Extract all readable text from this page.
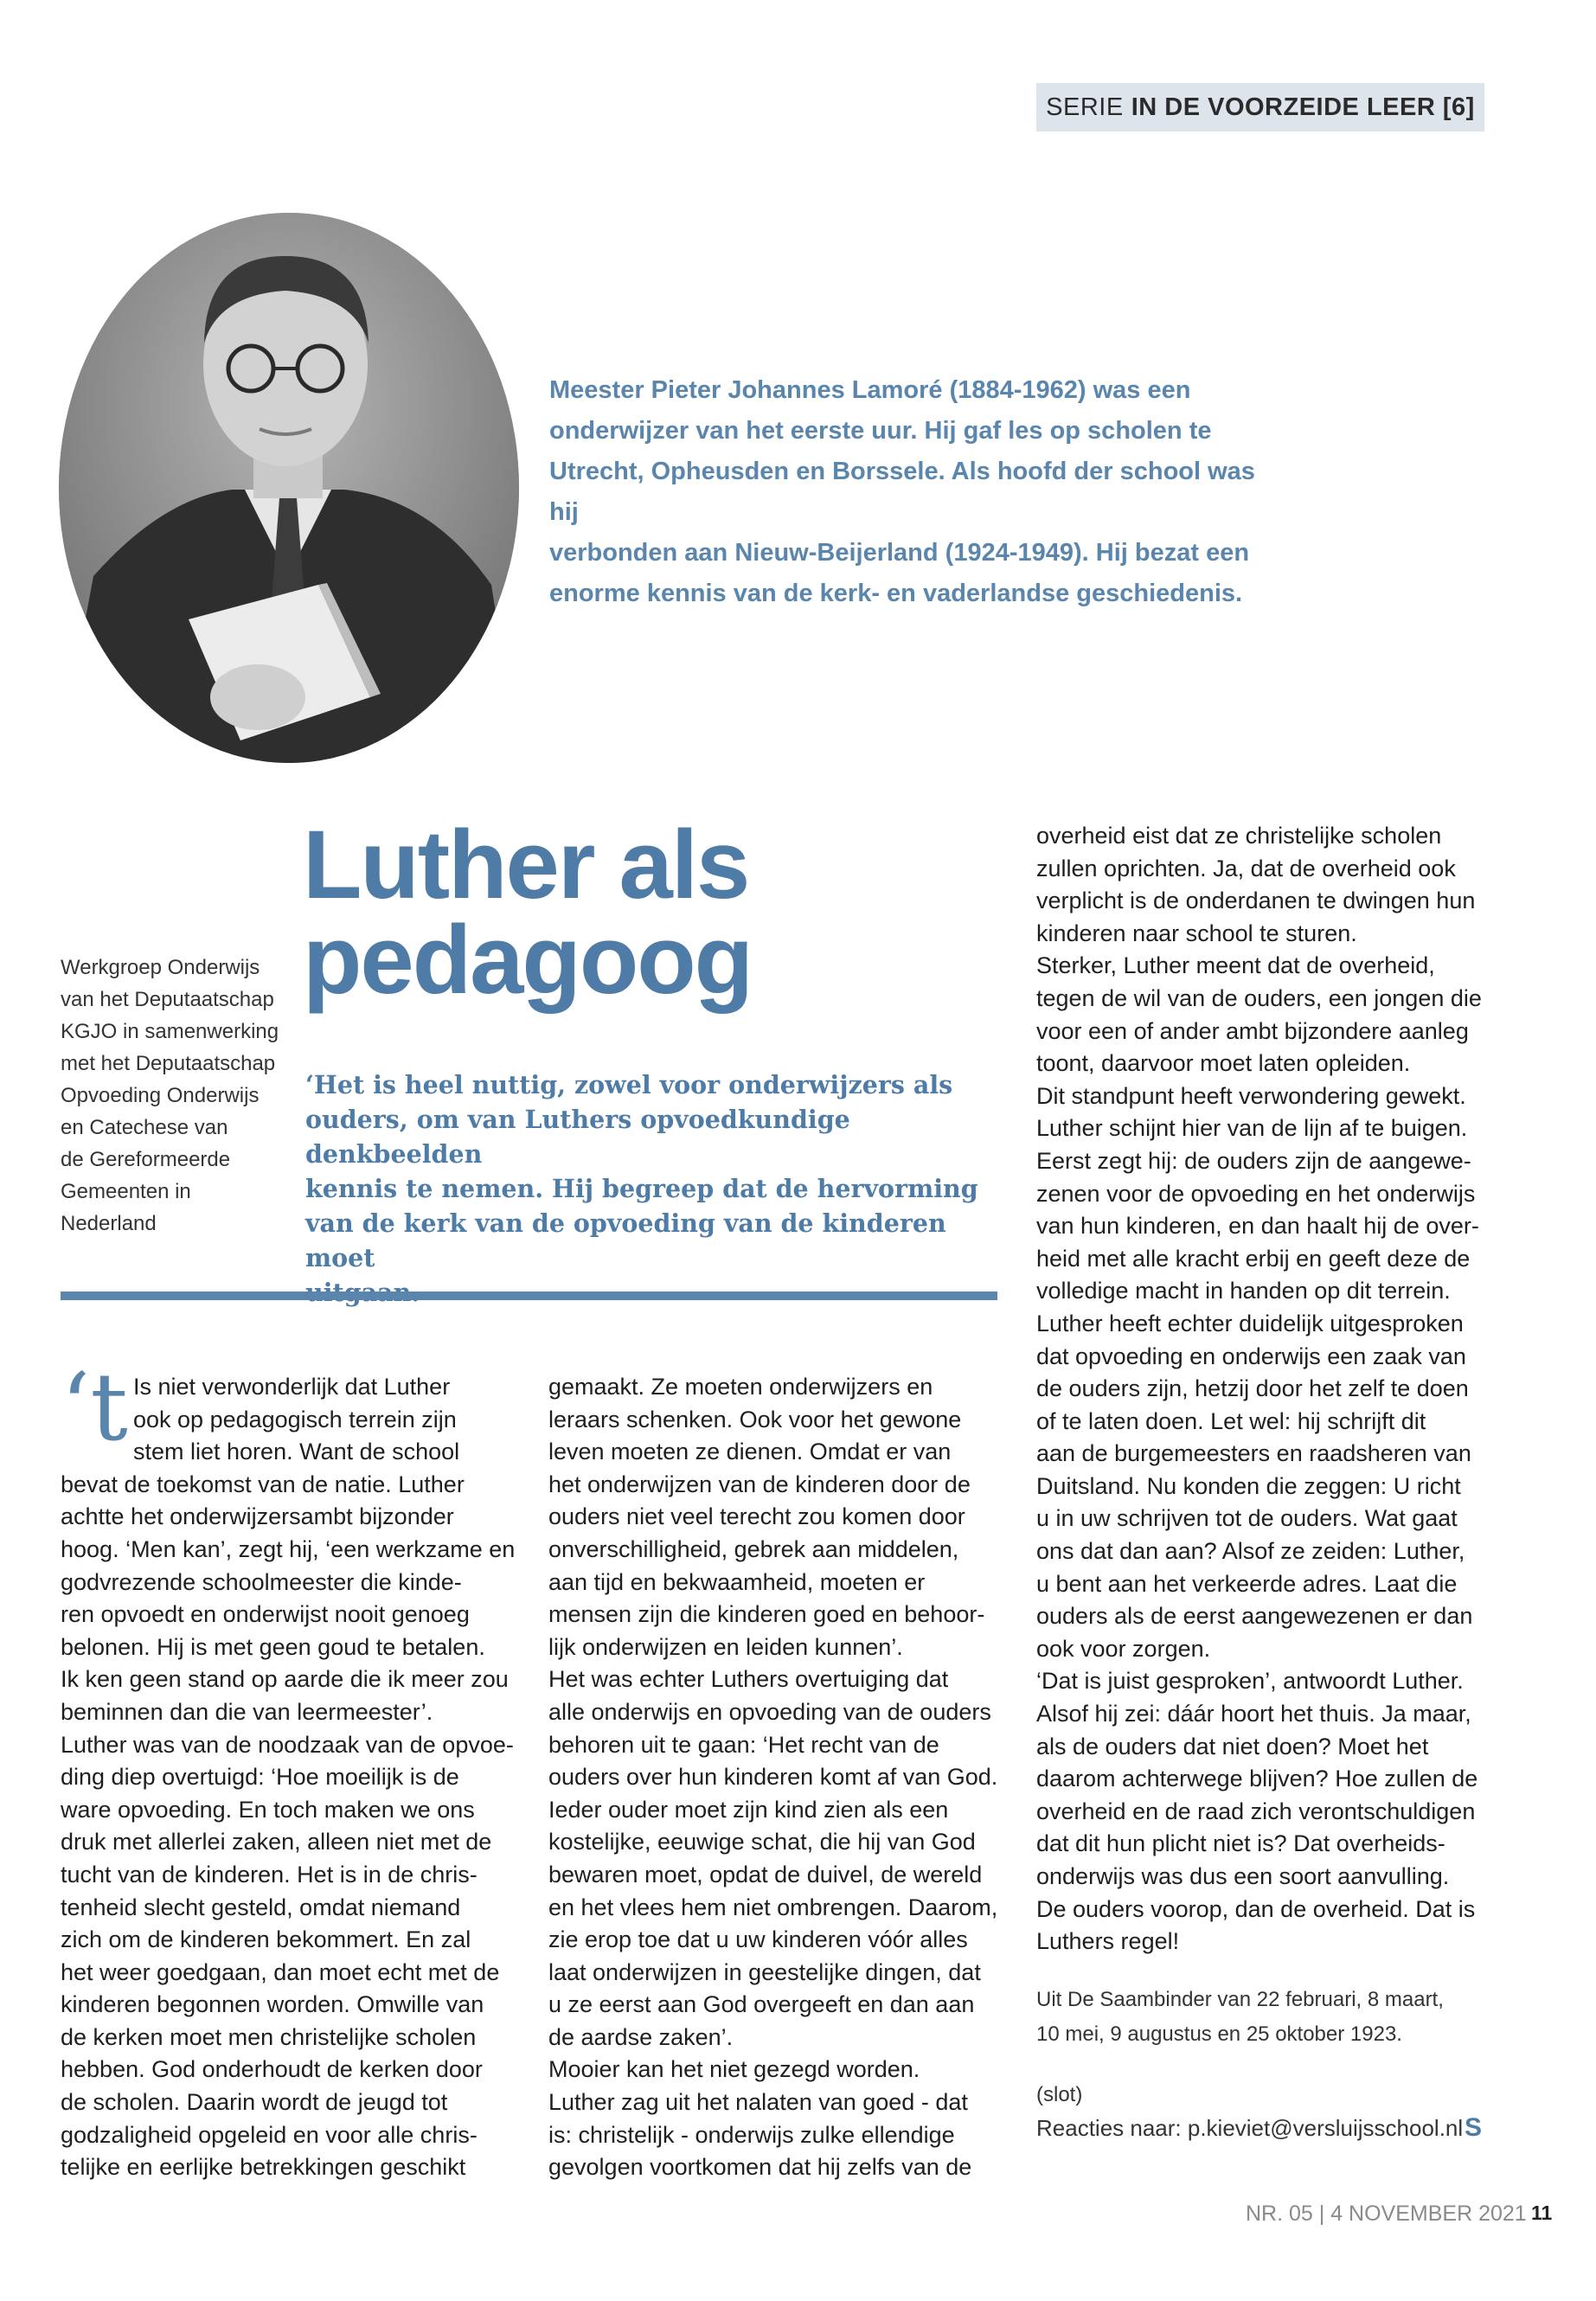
SERIE IN DE VOORZEIDE LEER [6]
Meester Pieter Johannes Lamoré (1884-1962) was een
onderwijzer van het eerste uur. Hij gaf les op scholen te
Utrecht, Opheusden en Borssele. Als hoofd der school was hij
verbonden aan Nieuw-Beijerland (1924-1949). Hij bezat een
enorme kennis van de kerk- en vaderlandse geschiedenis.
Werkgroep Onderwijs
van het Deputaatschap
KGJO in samenwerking
met het Deputaatschap
Opvoeding Onderwijs
en Catechese van
de Gereformeerde
Gemeenten in
Nederland
Luther als
pedagoog
‘Het is heel nuttig, zowel voor onderwijzers als
ouders, om van Luthers opvoedkundige denkbeelden
kennis te nemen. Hij begreep dat de hervorming
van de kerk van de opvoeding van de kinderen moet
‘t Is niet verwonderlijk dat Luther

ook op pedagogisch terrein zijn

stem liet horen. Want de school

bevat de toekomst van de natie. Luther

achtte het onderwijzersambt bijzonder

hoog. ‘Men kan’, zegt hij, ‘een werkzame en

godvrezende schoolmeester die kinde-

ren opvoedt en onderwijst nooit genoeg

belonen. Hij is met geen goud te betalen.

Ik ken geen stand op aarde die ik meer zou

beminnen dan die van leermeester’.

Luther was van de noodzaak van de opvoe-

ding diep overtuigd: ‘Hoe moeilijk is de

ware opvoeding. En toch maken we ons

druk met allerlei zaken, alleen niet met de

tucht van de kinderen. Het is in de chris-

tenheid slecht gesteld, omdat niemand

zich om de kinderen bekommert. En zal

het weer goedgaan, dan moet echt met de

kinderen begonnen worden. Omwille van

de kerken moet men christelijke scholen

hebben. God onderhoudt de kerken door

de scholen. Daarin wordt de jeugd tot

godzaligheid opgeleid en voor alle chris-

telijke en eerlijke betrekkingen geschikt

gemaakt. Ze moeten onderwijzers en

leraars schenken. Ook voor het gewone

leven moeten ze dienen. Omdat er van

het onderwijzen van de kinderen door de

ouders niet veel terecht zou komen door

onverschilligheid, gebrek aan middelen,

aan tijd en bekwaamheid, moeten er

mensen zijn die kinderen goed en behoor-

lijk onderwijzen en leiden kunnen’.

Het was echter Luthers overtuiging dat

alle onderwijs en opvoeding van de ouders

behoren uit te gaan: ‘Het recht van de

ouders over hun kinderen komt af van God.

Ieder ouder moet zijn kind zien als een

kostelijke, eeuwige schat, die hij van God

bewaren moet, opdat de duivel, de wereld

en het vlees hem niet ombrengen. Daarom,

zie erop toe dat u uw kinderen vóór alles

laat onderwijzen in geestelijke dingen, dat

u ze eerst aan God overgeeft en dan aan

de aardse zaken’.

Mooier kan het niet gezegd worden.

Luther zag uit het nalaten van goed - dat

is: christelijk - onderwijs zulke ellendige

gevolgen voortkomen dat hij zelfs van de

overheid eist dat ze christelijke scholen

zullen oprichten. Ja, dat de overheid ook

verplicht is de onderdanen te dwingen hun

kinderen naar school te sturen.

Sterker, Luther meent dat de overheid,

tegen de wil van de ouders, een jongen die

voor een of ander ambt bijzondere aanleg

toont, daarvoor moet laten opleiden.

Dit standpunt heeft verwondering gewekt.

Luther schijnt hier van de lijn af te buigen.

Eerst zegt hij: de ouders zijn de aangewe-

zenen voor de opvoeding en het onderwijs

van hun kinderen, en dan haalt hij de over-

heid met alle kracht erbij en geeft deze de

volledige macht in handen op dit terrein.

Luther heeft echter duidelijk uitgesproken

dat opvoeding en onderwijs een zaak van

de ouders zijn, hetzij door het zelf te doen

of te laten doen. Let wel: hij schrijft dit

aan de burgemeesters en raadsheren van

Duitsland. Nu konden die zeggen: U richt

u in uw schrijven tot de ouders. Wat gaat

ons dat dan aan? Alsof ze zeiden: Luther,

u bent aan het verkeerde adres. Laat die

ouders als de eerst aangewezenen er dan

ook voor zorgen.

‘Dat is juist gesproken’, antwoordt Luther.

Alsof hij zei: dáár hoort het thuis. Ja maar,

als de ouders dat niet doen? Moet het

daarom achterwege blijven? Hoe zullen de

overheid en de raad zich verontschuldigen

dat dit hun plicht niet is? Dat overheids-

onderwijs was dus een soort aanvulling.

De ouders voorop, dan de overheid. Dat is

Luthers regel!

Uit De Saambinder van 22 februari, 8 maart,
10 mei, 9 augustus en 25 oktober 1923.
(slot)
Reacties naar: p.kieviet@versluijsschool.nl S
NR. 05 | 4 NOVEMBER 2021 11
